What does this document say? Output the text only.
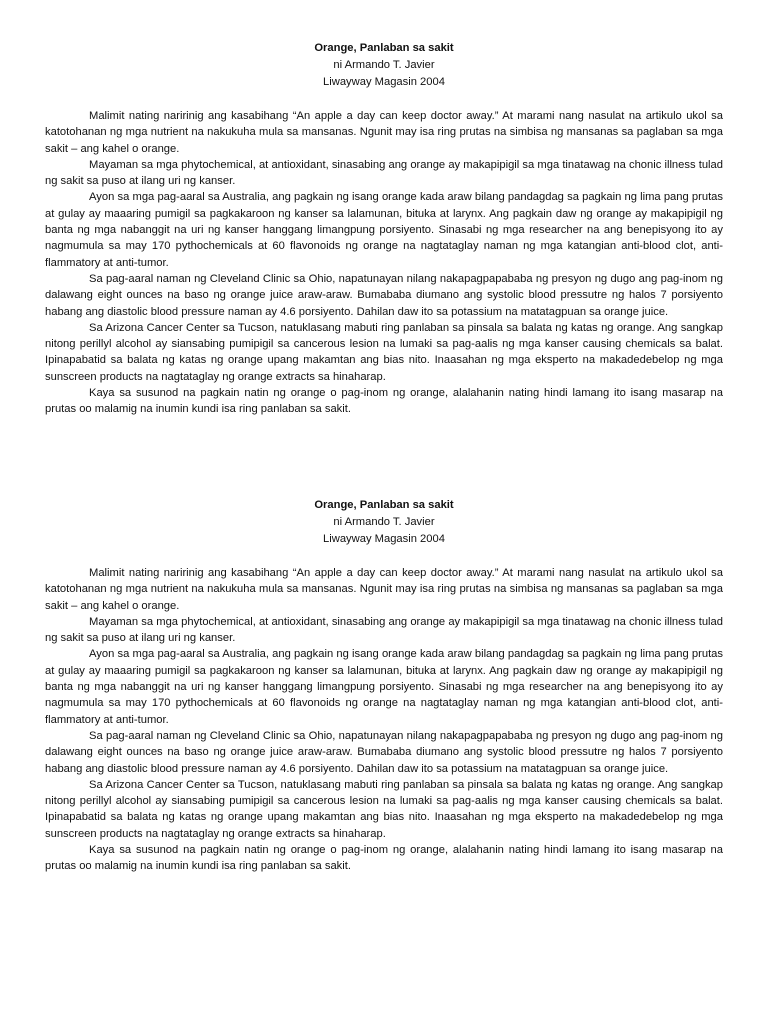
Orange, Panlaban sa sakit

ni Armando T. Javier

Liwayway Magasin 2004

Malimit nating naririnig ang kasabihang “An apple a day can keep doctor away.” At marami nang nasulat na artikulo ukol sa katotohanan ng mga nutrient na nakukuha mula sa mansanas. Ngunit may isa ring prutas na simbisa ng mansanas sa paglaban sa mga sakit – ang kahel o orange.

Mayaman sa mga phytochemical, at antioxidant, sinasabing ang orange ay makapipigil sa mga tinatawag na chonic illness tulad ng sakit sa puso at ilang uri ng kanser.

Ayon sa mga pag-aaral sa Australia, ang pagkain ng isang orange kada araw bilang pandagdag sa pagkain ng lima pang prutas at gulay ay maaaring pumigil sa pagkakaroon ng kanser sa lalamunan, bituka at larynx. Ang pagkain daw ng orange ay makapipigil ng banta ng mga nabanggit na uri ng kanser hanggang limangpung porsiyento. Sinasabi ng mga researcher na ang benepisyong ito ay nagmumula sa may 170 pythochemicals at 60 flavonoids ng orange na nagtataglay naman ng mga katangian anti-blood clot, anti-flammatory at anti-tumor.

Sa pag-aaral naman ng Cleveland Clinic sa Ohio, napatunayan nilang nakapagpapababa ng presyon ng dugo ang pag-inom ng dalawang eight ounces na baso ng orange juice araw-araw. Bumababa diumano ang systolic blood pressutre ng halos 7 porsiyento habang ang diastolic blood pressure naman ay 4.6 porsiyento. Dahilan daw ito sa potassium na matatagpuan sa orange juice.

Sa Arizona Cancer Center sa Tucson, natuklasang mabuti ring panlaban sa pinsala sa balata ng katas ng orange. Ang sangkap nitong perillyl alcohol ay siansabing pumipigil sa cancerous lesion na lumaki sa pag-aalis ng mga kanser causing chemicals sa balat. Ipinapabatid sa balata ng katas ng orange upang makamtan ang bias nito. Inaasahan ng mga eksperto na makadedebelop ng mga sunscreen products na nagtataglay ng orange extracts sa hinaharap.

Kaya sa susunod na pagkain natin ng orange o pag-inom ng orange, alalahanin nating hindi lamang ito isang masarap na prutas oo malamig na inumin kundi isa ring panlaban sa sakit.

Orange, Panlaban sa sakit

ni Armando T. Javier

Liwayway Magasin 2004

Malimit nating naririnig ang kasabihang “An apple a day can keep doctor away.” At marami nang nasulat na artikulo ukol sa katotohanan ng mga nutrient na nakukuha mula sa mansanas. Ngunit may isa ring prutas na simbisa ng mansanas sa paglaban sa mga sakit – ang kahel o orange.

Mayaman sa mga phytochemical, at antioxidant, sinasabing ang orange ay makapipigil sa mga tinatawag na chonic illness tulad ng sakit sa puso at ilang uri ng kanser.

Ayon sa mga pag-aaral sa Australia, ang pagkain ng isang orange kada araw bilang pandagdag sa pagkain ng lima pang prutas at gulay ay maaaring pumigil sa pagkakaroon ng kanser sa lalamunan, bituka at larynx. Ang pagkain daw ng orange ay makapipigil ng banta ng mga nabanggit na uri ng kanser hanggang limangpung porsiyento. Sinasabi ng mga researcher na ang benepisyong ito ay nagmumula sa may 170 pythochemicals at 60 flavonoids ng orange na nagtataglay naman ng mga katangian anti-blood clot, anti-flammatory at anti-tumor.

Sa pag-aaral naman ng Cleveland Clinic sa Ohio, napatunayan nilang nakapagpapababa ng presyon ng dugo ang pag-inom ng dalawang eight ounces na baso ng orange juice araw-araw. Bumababa diumano ang systolic blood pressutre ng halos 7 porsiyento habang ang diastolic blood pressure naman ay 4.6 porsiyento. Dahilan daw ito sa potassium na matatagpuan sa orange juice.

Sa Arizona Cancer Center sa Tucson, natuklasang mabuti ring panlaban sa pinsala sa balata ng katas ng orange. Ang sangkap nitong perillyl alcohol ay siansabing pumipigil sa cancerous lesion na lumaki sa pag-aalis ng mga kanser causing chemicals sa balat. Ipinapabatid sa balata ng katas ng orange upang makamtan ang bias nito. Inaasahan ng mga eksperto na makadedebelop ng mga sunscreen products na nagtataglay ng orange extracts sa hinaharap.

Kaya sa susunod na pagkain natin ng orange o pag-inom ng orange, alalahanin nating hindi lamang ito isang masarap na prutas oo malamig na inumin kundi isa ring panlaban sa sakit.
